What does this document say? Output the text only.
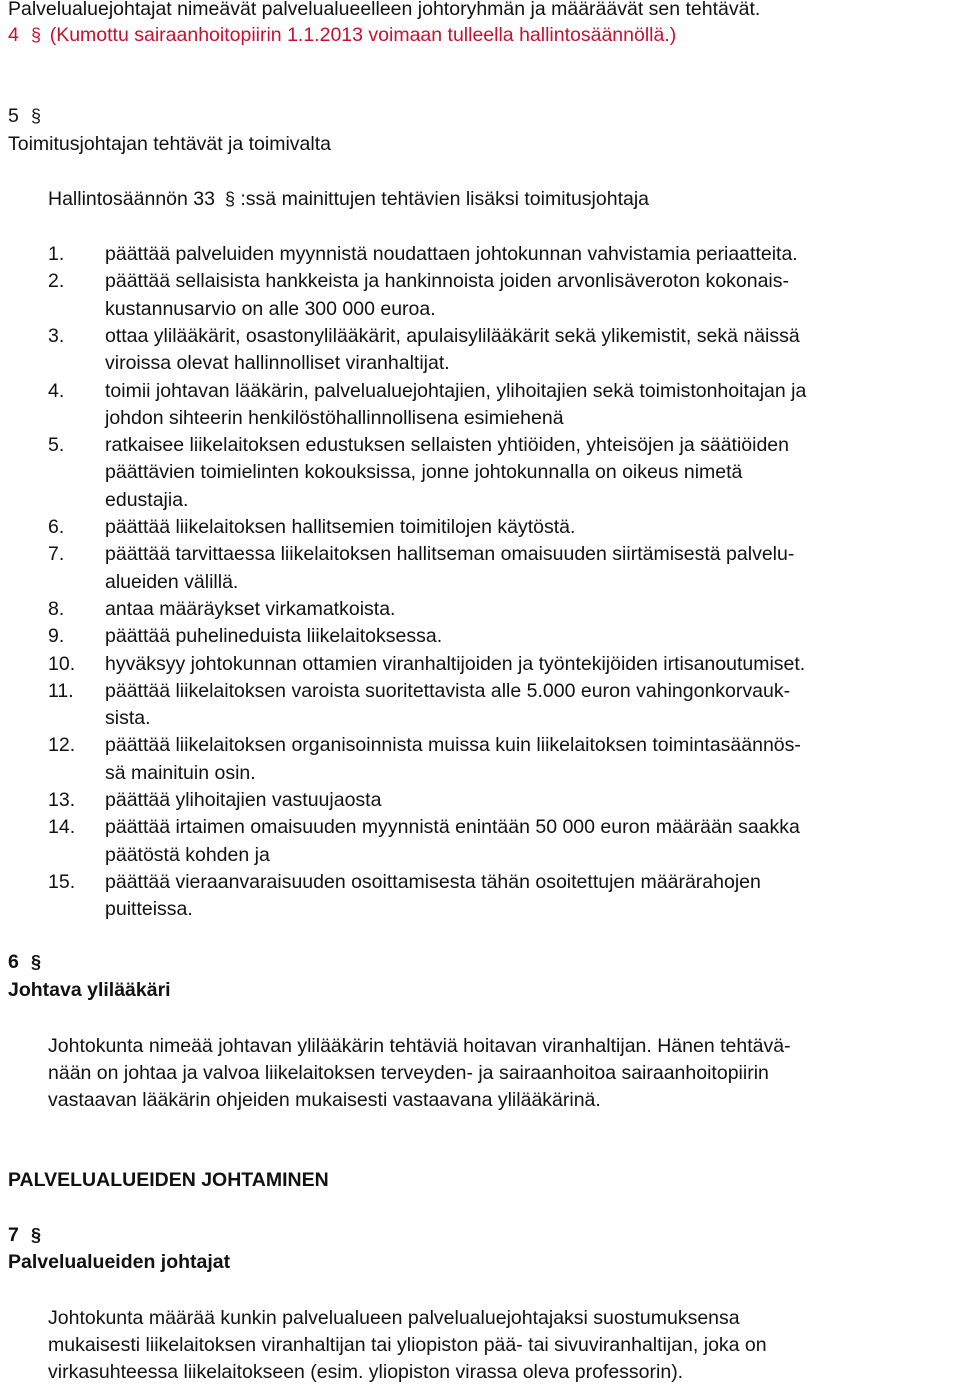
Palvelualuejohtajat nimeävät palvelualueelleen johtoryhmän ja määräävät sen tehtävät.
4 § (Kumottu sairaanhoitopiirin 1.1.2013 voimaan tulleella hallintosäännöllä.)
5 §
Toimitusjohtajan tehtävät ja toimivalta
Hallintosäännön 33 § :ssä mainittujen tehtävien lisäksi toimitusjohtaja
1.	päättää palveluiden myynnistä noudattaen johtokunnan vahvistamia periaatteita.
2.	päättää sellaisista hankkeista ja hankinnoista joiden arvonlisäveroton kokonais-
kustannusarvio on alle 300 000 euroa.
3.	ottaa ylilääkärit, osastonylilääkärit, apulaisylilääkärit sekä ylikemistit, sekä näissä
viroissa olevat hallinnolliset viranhaltijat.
4.	toimii johtavan lääkärin, palvelualuejohtajien, ylihoitajien sekä toimistonhoitajan ja
johdon sihteerin henkilöstöhallinnollisena esimiehenä
5.	ratkaisee liikelaitoksen edustuksen sellaisten yhtiöiden, yhteisöjen ja säätiöiden
päättävien toimielinten kokouksissa, jonne johtokunnalla on oikeus nimetä
edustajia.
6.	päättää liikelaitoksen hallitsemien toimitilojen käytöstä.
7.	päättää tarvittaessa liikelaitoksen hallitseman omaisuuden siirtämisestä palvelu-
alueiden välillä.
8.	antaa määräykset virkamatkoista.
9.	päättää puhelineduista liikelaitoksessa.
10.	hyväksyy johtokunnan ottamien viranhaltijoiden ja työntekijöiden irtisanoutumiset.
11.	päättää liikelaitoksen varoista suoritettavista alle 5.000 euron vahingonkorvauk-
sista.
12.	päättää liikelaitoksen organisoinnista muissa kuin liikelaitoksen toimintasäännös-
sä mainituin osin.
13.	päättää ylihoitajien vastuujaosta
14.	päättää irtaimen omaisuuden myynnistä enintään 50 000 euron määrään saakka
päätöstä kohden ja
15.	päättää vieraanvaraisuuden osoittamisesta tähän osoitettujen määrärahojen
puitteissa.
6 §
Johtava ylilääkäri
Johtokunta nimeää johtavan ylilääkärin tehtäviä hoitavan viranhaltijan. Hänen tehtävä-
nään on johtaa ja valvoa liikelaitoksen terveyden- ja sairaanhoitoa sairaanhoitopiirin
vastaavan lääkärin ohjeiden mukaisesti vastaavana ylilääkärinä.
PALVELUALUEIDEN JOHTAMINEN
7 §
Palvelualueiden johtajat
Johtokunta määrää kunkin palvelualueen palvelualuejohtajaksi suostumuksensa
mukaisesti liikelaitoksen viranhaltijan tai yliopiston pää- tai sivuviranhaltijan, joka on
virkasuhteessa liikelaitokseen (esim. yliopiston virassa oleva professorin).
